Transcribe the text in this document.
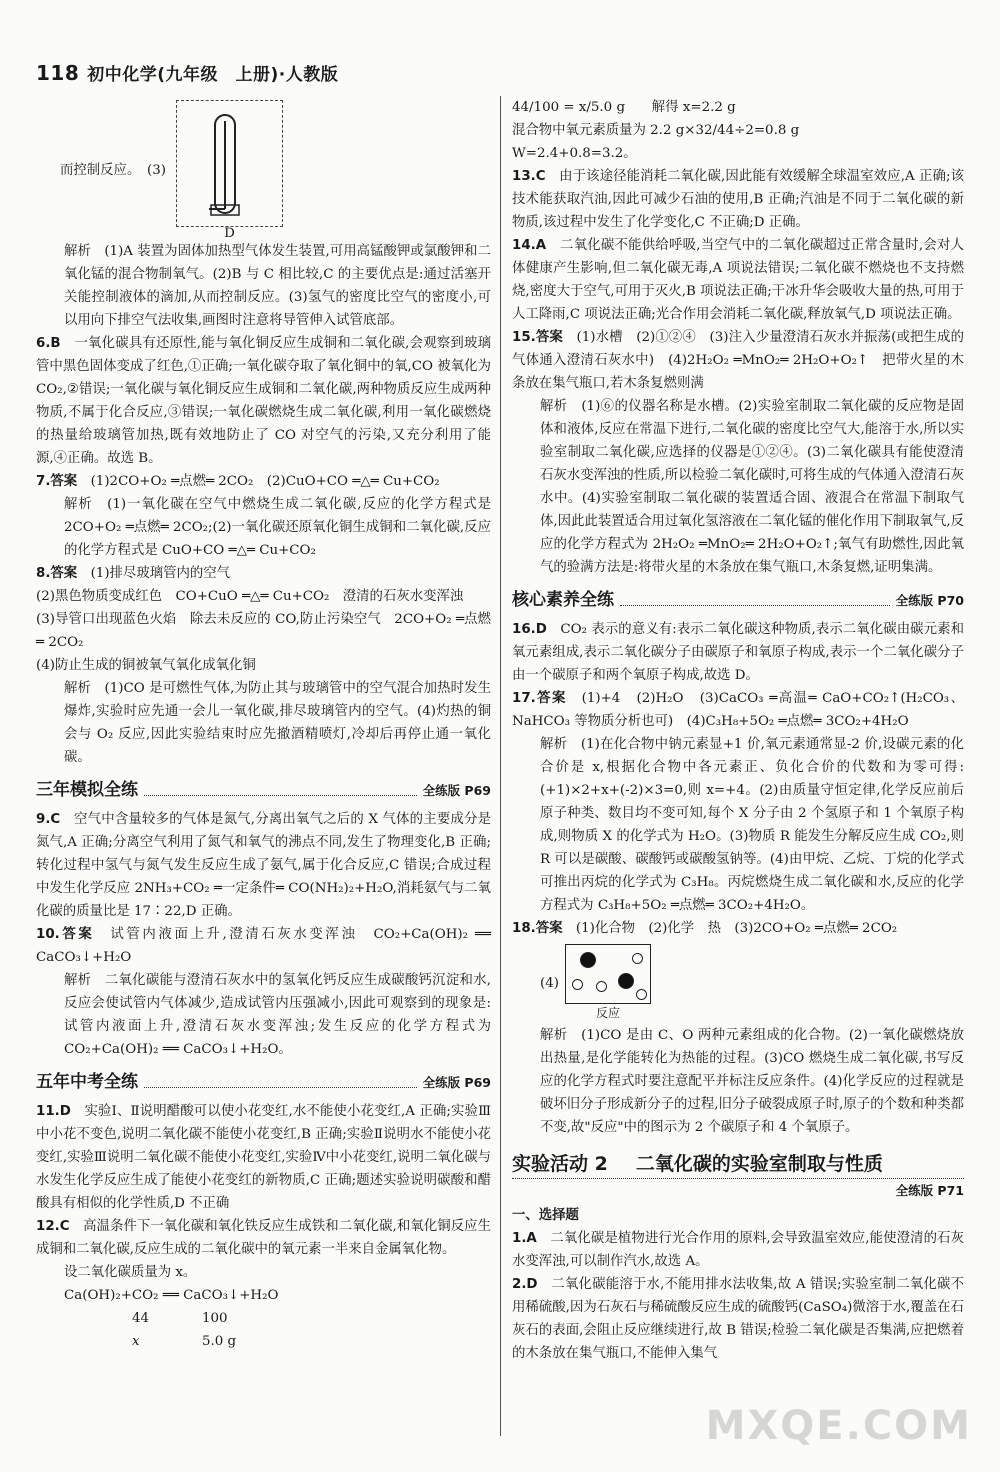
118 初中化学(九年级　上册)·人教版
而控制反应。　(3)
D

解析　(1)A 装置为固体加热型气体发生装置,可用高锰酸钾或氯酸钾和二氧化锰的混合物制氧气。(2)B 与 C 相比较,C 的主要优点是:通过活塞开关能控制液体的滴加,从而控制反应。(3)氢气的密度比空气的密度小,可以用向下排空气法收集,画图时注意将导管伸入试管底部。

6.B　 一氧化碳具有还原性,能与氧化铜反应生成铜和二氧化碳,会观察到玻璃管中黑色固体变成了红色,①正确;一氧化碳夺取了氧化铜中的氧,CO 被氧化为 CO₂,②错误;一氧化碳与氧化铜反应生成铜和二氧化碳,两种物质反应生成两种物质,不属于化合反应,③错误;一氧化碳燃烧生成二氧化碳,利用一氧化碳燃烧的热量给玻璃管加热,既有效地防止了 CO 对空气的污染,又充分利用了能源,④正确。故选 B。

7.答案　 (1)2CO+O₂ ═点燃═ 2CO₂　(2)CuO+CO ═△═ Cu+CO₂

解析　(1)一氧化碳在空气中燃烧生成二氧化碳,反应的化学方程式是 2CO+O₂ ═点燃═ 2CO₂;(2)一氧化碳还原氧化铜生成铜和二氧化碳,反应的化学方程式是 CuO+CO ═△═ Cu+CO₂

8.答案　 (1)排尽玻璃管内的空气

(2)黑色物质变成红色　CO+CuO ═△═ Cu+CO₂　澄清的石灰水变浑浊

(3)导管口出现蓝色火焰　除去未反应的 CO,防止污染空气　2CO+O₂ ═点燃═ 2CO₂

(4)防止生成的铜被氧气氧化成氧化铜

解析　(1)CO 是可燃性气体,为防止其与玻璃管中的空气混合加热时发生爆炸,实验时应先通一会儿一氧化碳,排尽玻璃管内的空气。(4)灼热的铜会与 O₂ 反应,因此实验结束时应先撤酒精喷灯,冷却后再停止通一氧化碳。

三年模拟全练	全练版 P69

9.C　 空气中含量较多的气体是氮气,分离出氧气之后的 X 气体的主要成分是氮气,A 正确;分离空气利用了氮气和氧气的沸点不同,发生了物理变化,B 正确;转化过程中氢气与氮气发生反应生成了氨气,属于化合反应,C 错误;合成过程中发生化学反应 2NH₃+CO₂ ═一定条件═ CO(NH₂)₂+H₂O,消耗氨气与二氧化碳的质量比是 17∶22,D 正确。

10.答案　 试管内液面上升,澄清石灰水变浑浊　CO₂+Ca(OH)₂ ══ CaCO₃↓+H₂O

解析　二氧化碳能与澄清石灰水中的氢氧化钙反应生成碳酸钙沉淀和水,反应会使试管内气体减少,造成试管内压强减小,因此可观察到的现象是:试管内液面上升,澄清石灰水变浑浊;发生反应的化学方程式为 CO₂+Ca(OH)₂ ══ CaCO₃↓+H₂O。

五年中考全练	全练版 P69

11.D　 实验Ⅰ、Ⅱ说明醋酸可以使小花变红,水不能使小花变红,A 正确;实验Ⅲ中小花不变色,说明二氧化碳不能使小花变红,B 正确;实验Ⅱ说明水不能使小花变红,实验Ⅲ说明二氧化碳不能使小花变红,实验Ⅳ中小花变红,说明二氧化碳与水发生化学反应生成了能使小花变红的新物质,C 正确;题述实验说明碳酸和醋酸具有相似的化学性质,D 不正确

12.C　 高温条件下一氧化碳和氧化铁反应生成铁和二氧化碳,和氧化铜反应生成铜和二氧化碳,反应生成的二氧化碳中的氧元素一半来自金属氧化物。

设二氧化碳质量为 x。

Ca(OH)₂+CO₂ ══ CaCO₃↓+H₂O

44	100

x	5.0 g

44/100 = x/5.0 g　　解得 x=2.2 g

混合物中氧元素质量为 2.2 g×32/44÷2=0.8 g

W=2.4+0.8=3.2。

13.C　 由于该途径能消耗二氧化碳,因此能有效缓解全球温室效应,A 正确;该技术能获取汽油,因此可减少石油的使用,B 正确;汽油是不同于二氧化碳的新物质,该过程中发生了化学变化,C 不正确;D 正确。

14.A　 二氧化碳不能供给呼吸,当空气中的二氧化碳超过正常含量时,会对人体健康产生影响,但二氧化碳无毒,A 项说法错误;二氧化碳不燃烧也不支持燃烧,密度大于空气,可用于灭火,B 项说法正确;干冰升华会吸收大量的热,可用于人工降雨,C 项说法正确;光合作用会消耗二氧化碳,释放氧气,D 项说法正确。

15.答案　 (1)水槽　(2)①②④　(3)注入少量澄清石灰水并振荡(或把生成的气体通入澄清石灰水中)　(4)2H₂O₂ ═MnO₂═ 2H₂O+O₂↑　把带火星的木条放在集气瓶口,若木条复燃则满

解析　(1)⑥的仪器名称是水槽。(2)实验室制取二氧化碳的反应物是固体和液体,反应在常温下进行,二氧化碳的密度比空气大,能溶于水,所以实验室制取二氧化碳,应选择的仪器是①②④。(3)二氧化碳具有能使澄清石灰水变浑浊的性质,所以检验二氧化碳时,可将生成的气体通入澄清石灰水中。(4)实验室制取二氧化碳的装置适合固、液混合在常温下制取气体,因此此装置适合用过氧化氢溶液在二氧化锰的催化作用下制取氧气,反应的化学方程式为 2H₂O₂ ═MnO₂═ 2H₂O+O₂↑;氧气有助燃性,因此氧气的验满方法是:将带火星的木条放在集气瓶口,木条复燃,证明集满。

核心素养全练	全练版 P70

16.D　 CO₂ 表示的意义有:表示二氧化碳这种物质,表示二氧化碳由碳元素和氧元素组成,表示二氧化碳分子由碳原子和氧原子构成,表示一个二氧化碳分子由一个碳原子和两个氧原子构成,故选 D。

17.答案　 (1)+4　(2)H₂O　(3)CaCO₃ ═高温═ CaO+CO₂↑(H₂CO₃、NaHCO₃ 等物质分析也可)　(4)C₃H₈+5O₂ ═点燃═ 3CO₂+4H₂O

解析　(1)在化合物中钠元素显+1 价,氧元素通常显-2 价,设碳元素的化合价是 x,根据化合物中各元素正、负化合价的代数和为零可得:(+1)×2+x+(-2)×3=0,则 x=+4。(2)由质量守恒定律,化学反应前后原子种类、数目均不变可知,每个 X 分子由 2 个氢原子和 1 个氧原子构成,则物质 X 的化学式为 H₂O。(3)物质 R 能发生分解反应生成 CO₂,则 R 可以是碳酸、碳酸钙或碳酸氢钠等。(4)由甲烷、乙烷、丁烷的化学式可推出丙烷的化学式为 C₃H₈。丙烷燃烧生成二氧化碳和水,反应的化学方程式为 C₃H₈+5O₂ ═点燃═ 3CO₂+4H₂O。

18.答案　 (1)化合物　(2)化学　热　(3)2CO+O₂ ═点燃═ 2CO₂

(4)
反应

解析　(1)CO 是由 C、O 两种元素组成的化合物。(2)一氧化碳燃烧放出热量,是化学能转化为热能的过程。(3)CO 燃烧生成二氧化碳,书写反应的化学方程式时要注意配平并标注反应条件。(4)化学反应的过程就是破坏旧分子形成新分子的过程,旧分子破裂成原子时,原子的个数和种类都不变,故"反应"中的图示为 2 个碳原子和 4 个氧原子。

实验活动 2 二氧化碳的实验室制取与性质
全练版 P71

一、选择题

1.A　 二氧化碳是植物进行光合作用的原料,会导致温室效应,能使澄清的石灰水变浑浊,可以制作汽水,故选 A。

2.D　 二氧化碳能溶于水,不能用排水法收集,故 A 错误;实验室制二氧化碳不用稀硫酸,因为石灰石与稀硫酸反应生成的硫酸钙(CaSO₄)微溶于水,覆盖在石灰石的表面,会阻止反应继续进行,故 B 错误;检验二氧化碳是否集满,应把燃着的木条放在集气瓶口,不能伸入集气

MXQE.COM
